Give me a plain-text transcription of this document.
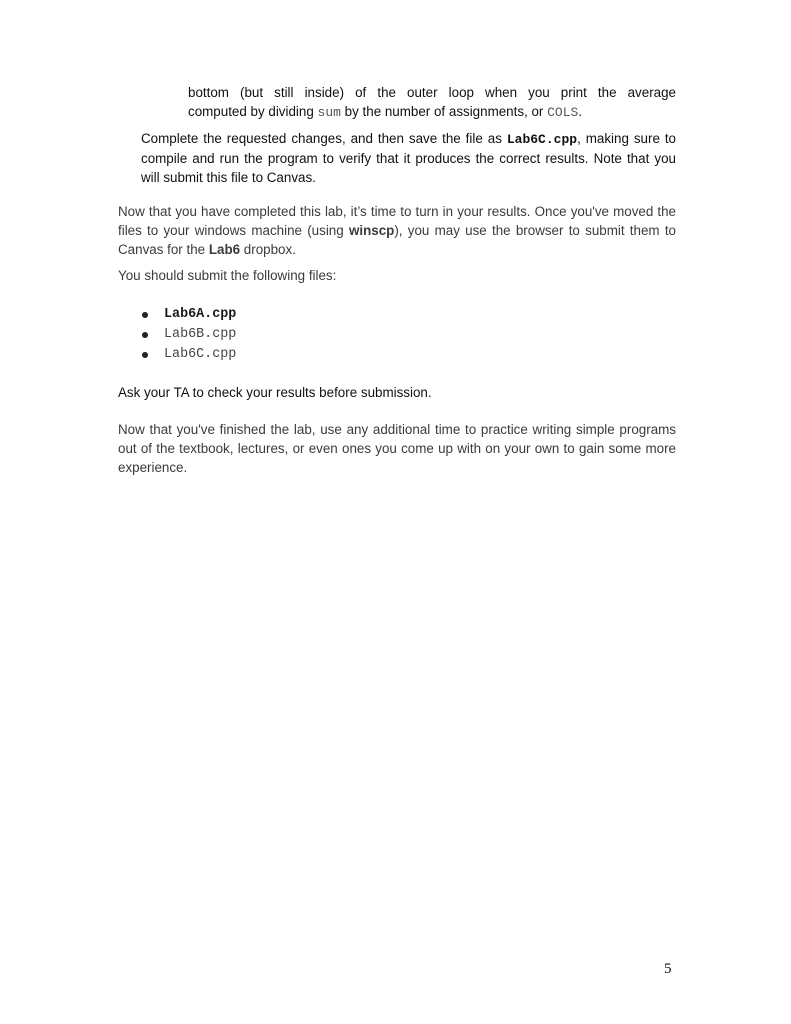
bottom (but still inside) of the outer loop when you print the average
computed by dividing sum by the number of assignments, or COLS.

Complete the requested changes, and then save the file as Lab6C.cpp, making sure to compile and run the program to verify that it produces the correct results. Note that you will submit this file to Canvas.

Now that you have completed this lab, it’s time to turn in your results. Once you've moved the files to your windows machine (using winscp), you may use the browser to submit them to Canvas for the Lab6 dropbox.

You should submit the following files:

Lab6A.cpp
Lab6B.cpp
Lab6C.cpp

Ask your TA to check your results before submission.

Now that you've finished the lab, use any additional time to practice writing simple programs out of the textbook, lectures, or even ones you come up with on your own to gain some more experience.

5
